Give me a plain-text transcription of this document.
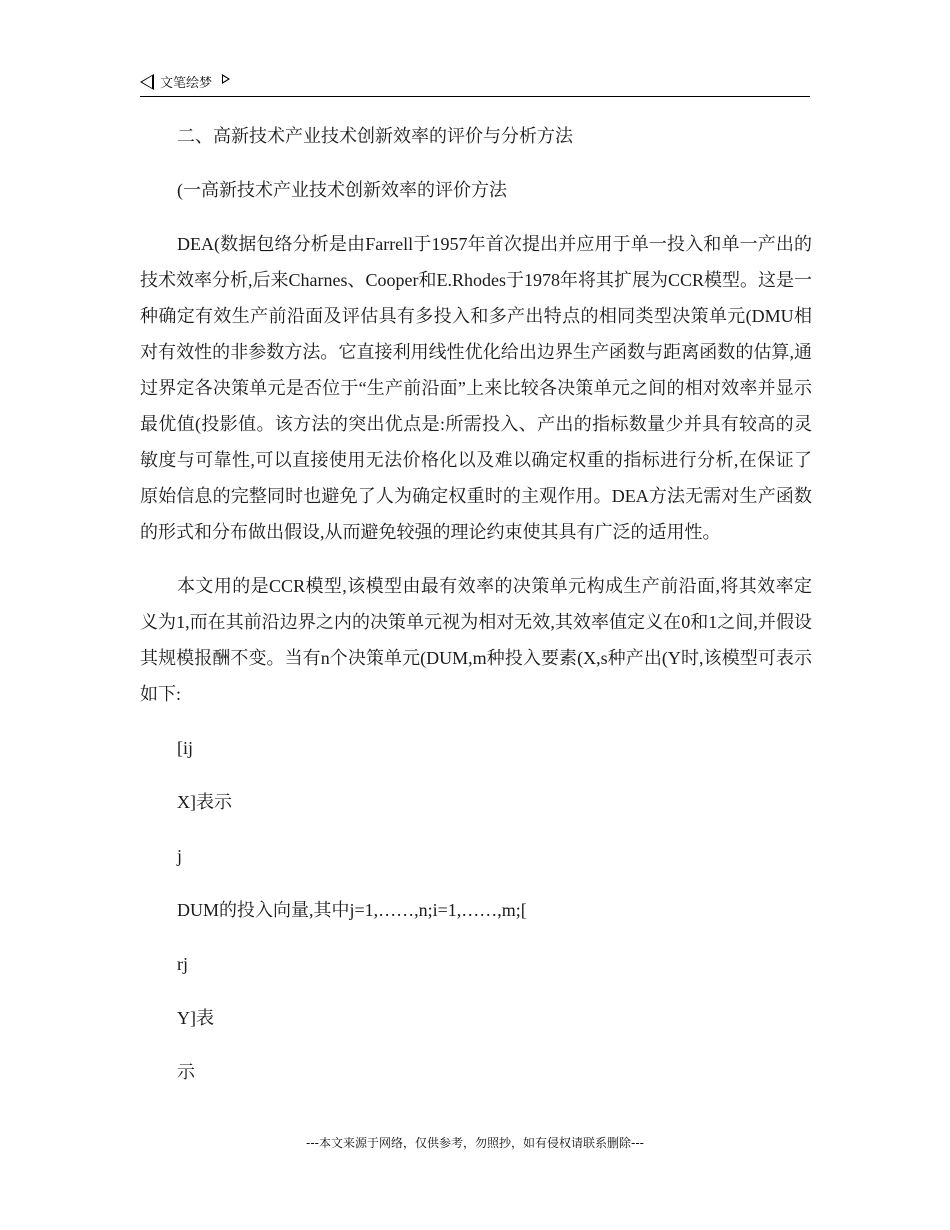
文笔绘梦

二、高新技术产业技术创新效率的评价与分析方法

(一高新技术产业技术创新效率的评价方法

DEA(数据包络分析是由Farrell于1957年首次提出并应用于单一投入和单一产出的技术效率分析,后来Charnes、Cooper和E.Rhodes于1978年将其扩展为CCR模型。这是一种确定有效生产前沿面及评估具有多投入和多产出特点的相同类型决策单元(DMU相对有效性的非参数方法。它直接利用线性优化给出边界生产函数与距离函数的估算,通过界定各决策单元是否位于“生产前沿面”上来比较各决策单元之间的相对效率并显示最优值(投影值。该方法的突出优点是:所需投入、产出的指标数量少并具有较高的灵敏度与可靠性,可以直接使用无法价格化以及难以确定权重的指标进行分析,在保证了原始信息的完整同时也避免了人为确定权重时的主观作用。DEA方法无需对生产函数的形式和分布做出假设,从而避免较强的理论约束使其具有广泛的适用性。

本文用的是CCR模型,该模型由最有效率的决策单元构成生产前沿面,将其效率定义为1,而在其前沿边界之内的决策单元视为相对无效,其效率值定义在0和1之间,并假设其规模报酬不变。当有n个决策单元(DUM,m种投入要素(X,s种产出(Y时,该模型可表示如下:

[ij

X]表示

j

DUM的投入向量,其中j=1,……,n;i=1,……,m;[

rj

Y]表

示

---本文来源于网络，仅供参考，勿照抄，如有侵权请联系删除---
